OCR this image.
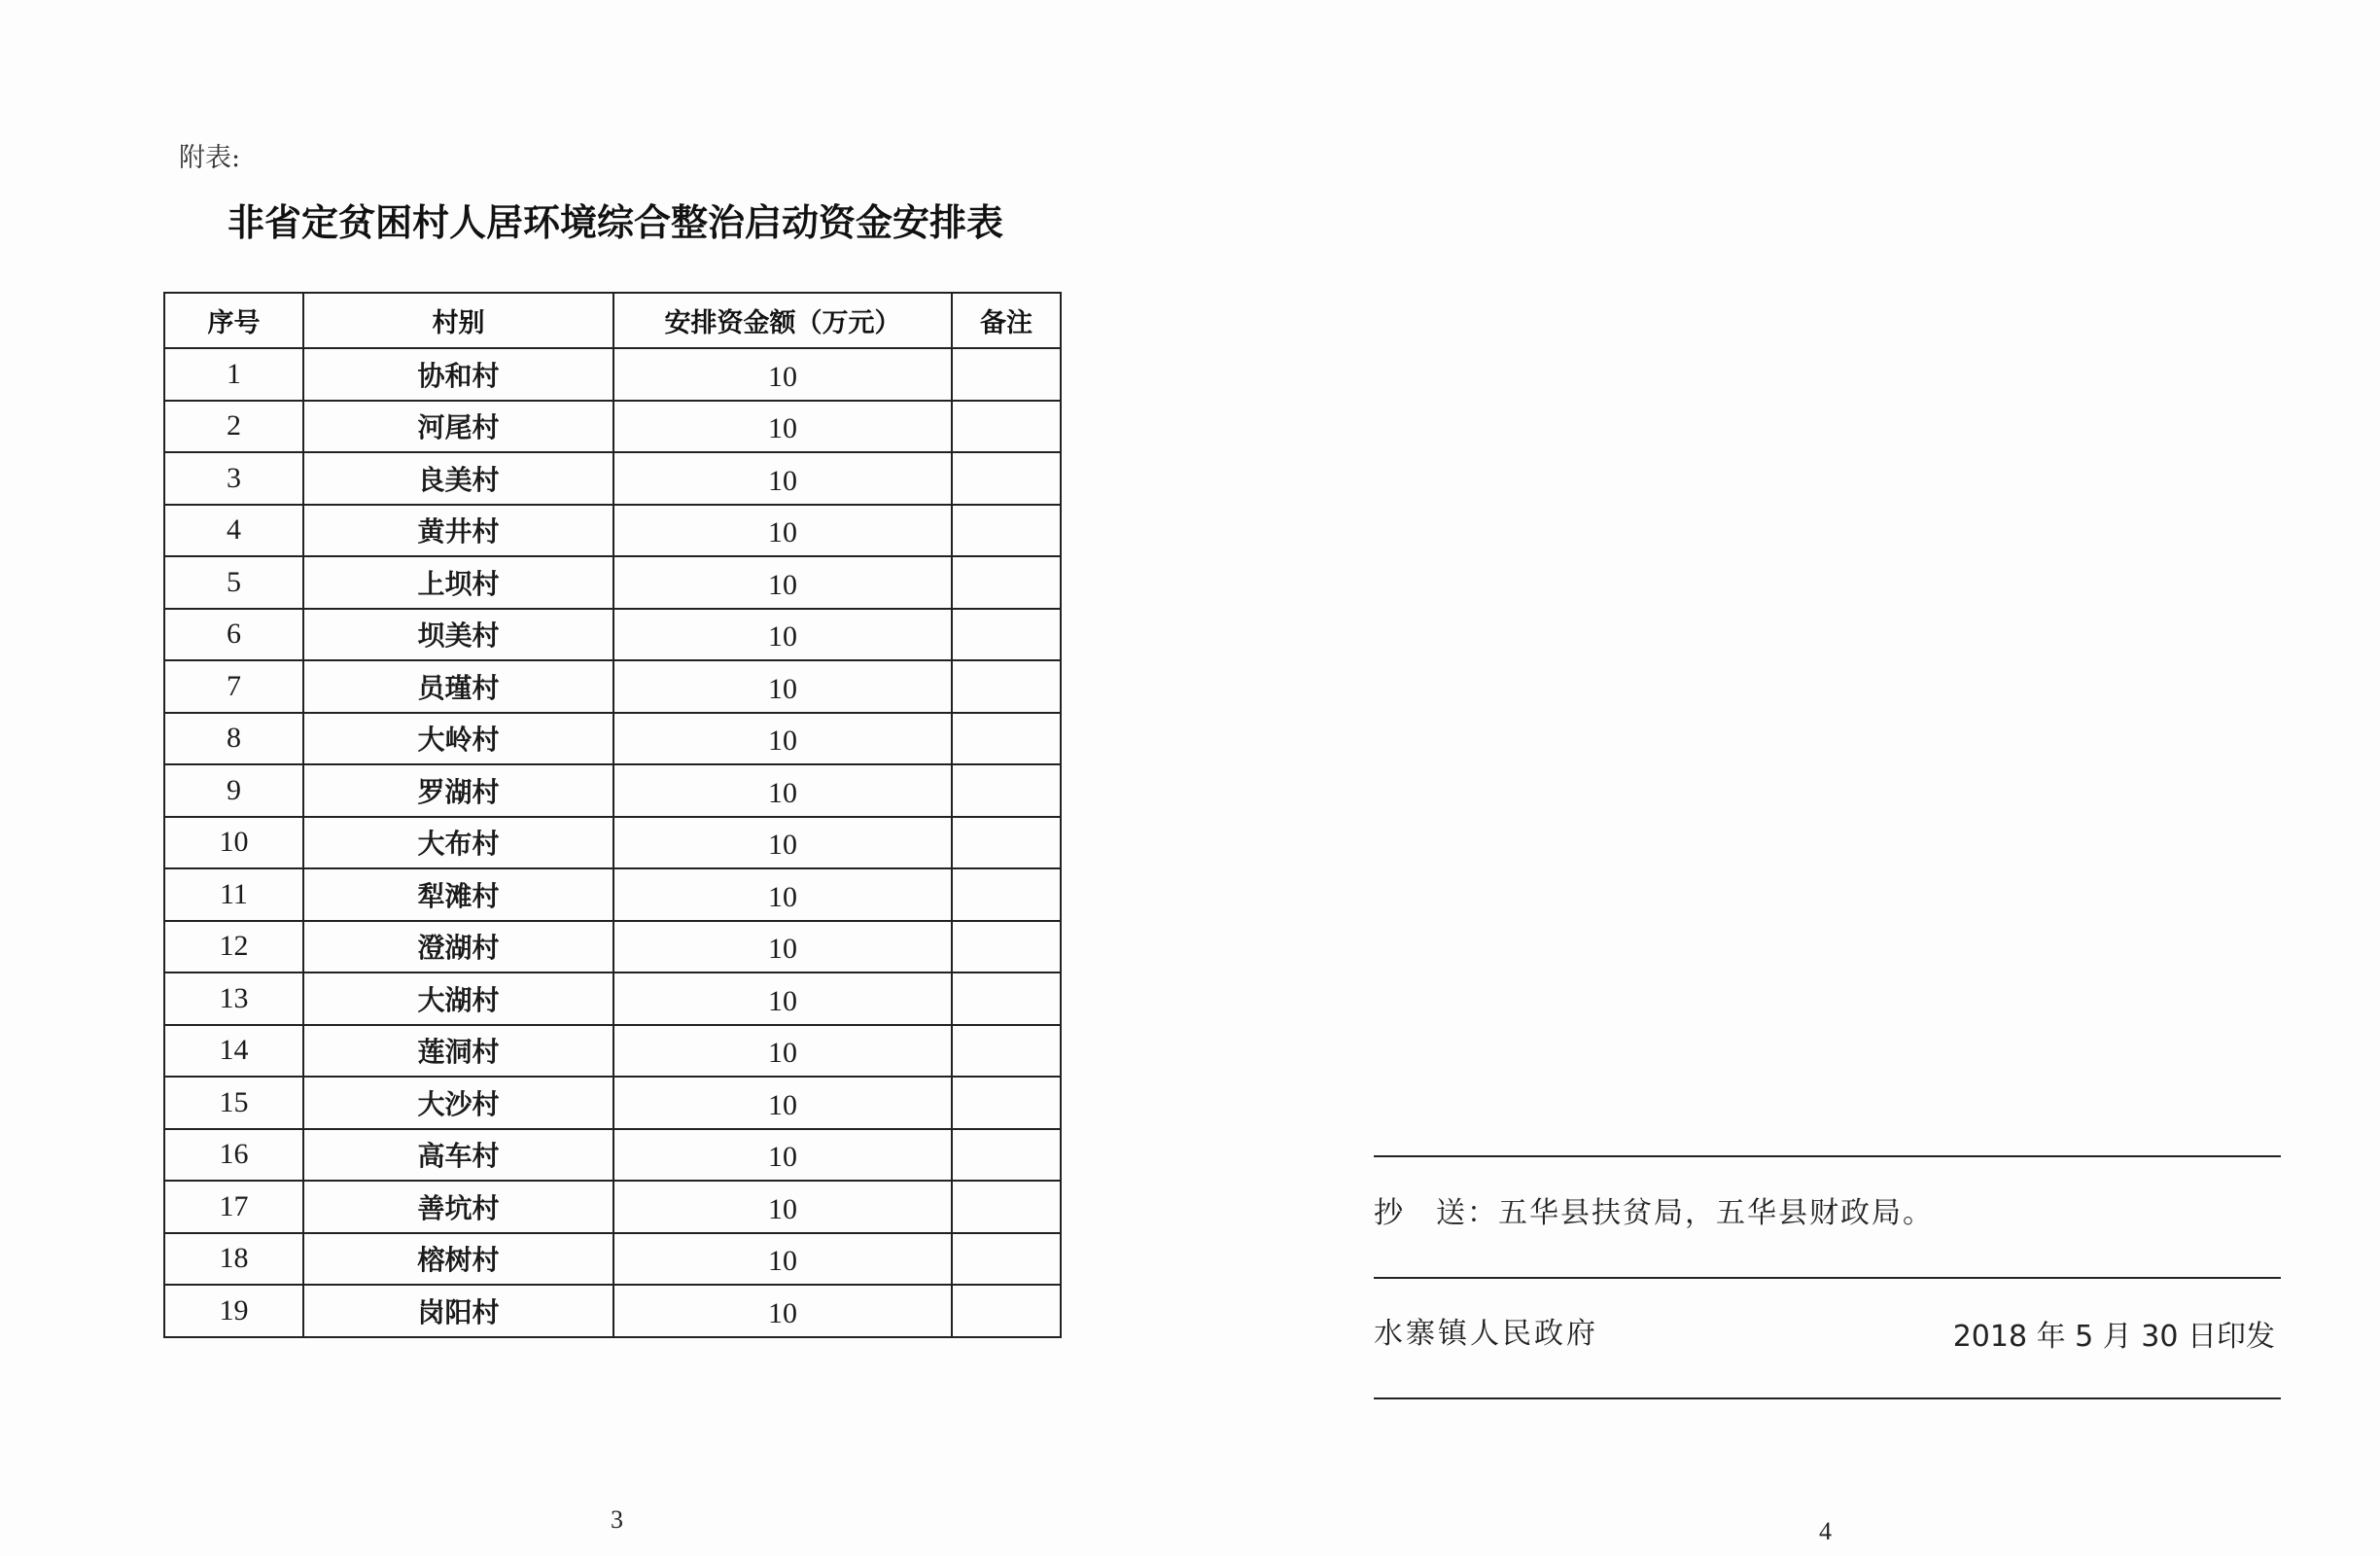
附表:
非省定贫困村人居环境综合整治启动资金安排表
序号	村别	安排资金额（万元）	备注
1	协和村	10	
2	河尾村	10	
3	良美村	10	
4	黄井村	10	
5	上坝村	10	
6	坝美村	10	
7	员瑾村	10	
8	大岭村	10	
9	罗湖村	10	
10	大布村	10	
11	犁滩村	10	
12	澄湖村	10	
13	大湖村	10	
14	莲洞村	10	
15	大沙村	10	
16	高车村	10	
17	善坑村	10	
18	榕树村	10	
19	岗阳村	10	
3
抄　送：五华县扶贫局，五华县财政局。
水寨镇人民政府	2018 年 5 月 30 日印发
4
